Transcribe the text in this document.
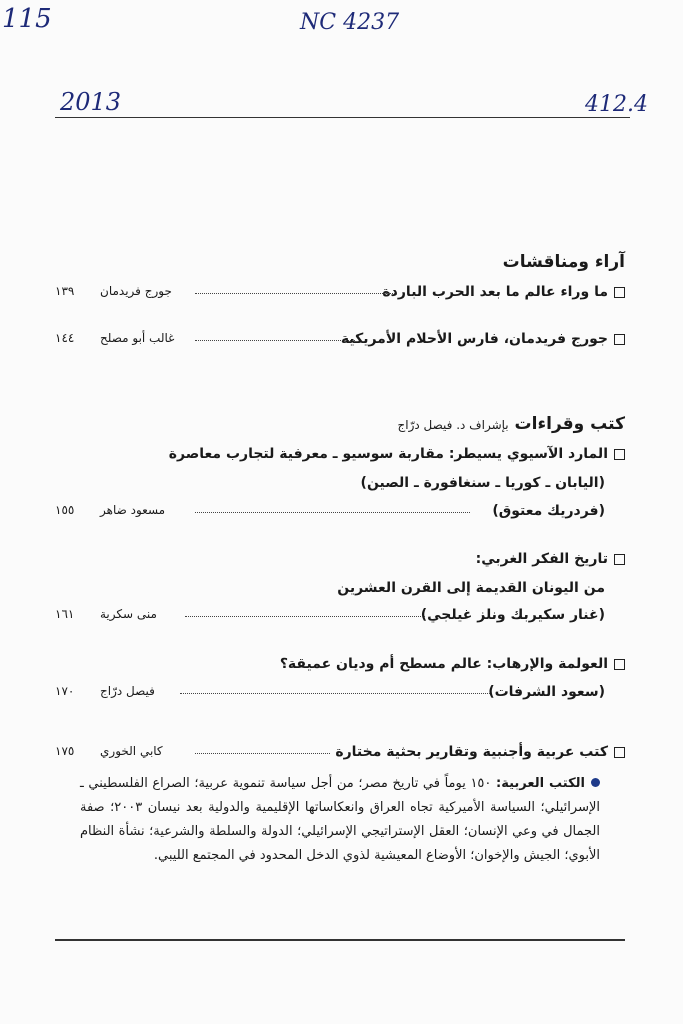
115	NC 4237
2013	412.4

آراء ومناقشات

ما وراء عالم ما بعد الحرب الباردة
جورج فريدمان
١٣٩
جورج فريدمان، فارس الأحلام الأمريكية
غالب أبو مصلح
١٤٤

كتب وقراءات بإشراف د. فيصل درّاج

المارد الآسيوي يسيطر: مقاربة سوسيو ـ معرفية لتجارب معاصرة
(اليابان ـ كوريا ـ سنغافورة ـ الصين)
(فردريك معتوق)
مسعود ضاهر
١٥٥
تاريخ الفكر الغربي:
من اليونان القديمة إلى القرن العشرين
(غنار سكيربك ونلز غيلجي)
منى سكرية
١٦١
العولمة والإرهاب: عالم مسطح أم وديان عميقة؟
(سعود الشرفات)
فيصل درّاج
١٧٠
كتب عربية وأجنبية وتقارير بحثية مختارة
كابي الخوري
١٧٥
الكتب العربية: ١٥٠ يوماً في تاريخ مصر؛ من أجل سياسة تنموية عربية؛ الصراع الفلسطيني ـ الإسرائيلي؛ السياسة الأميركية تجاه العراق وانعكاساتها الإقليمية والدولية بعد نيسان ٢٠٠٣؛ صفة الجمال في وعي الإنسان؛ العقل الإستراتيجي الإسرائيلي؛ الدولة والسلطة والشرعية؛ نشأة النظام الأبوي؛ الجيش والإخوان؛ الأوضاع المعيشية لذوي الدخل المحدود في المجتمع الليبي.
